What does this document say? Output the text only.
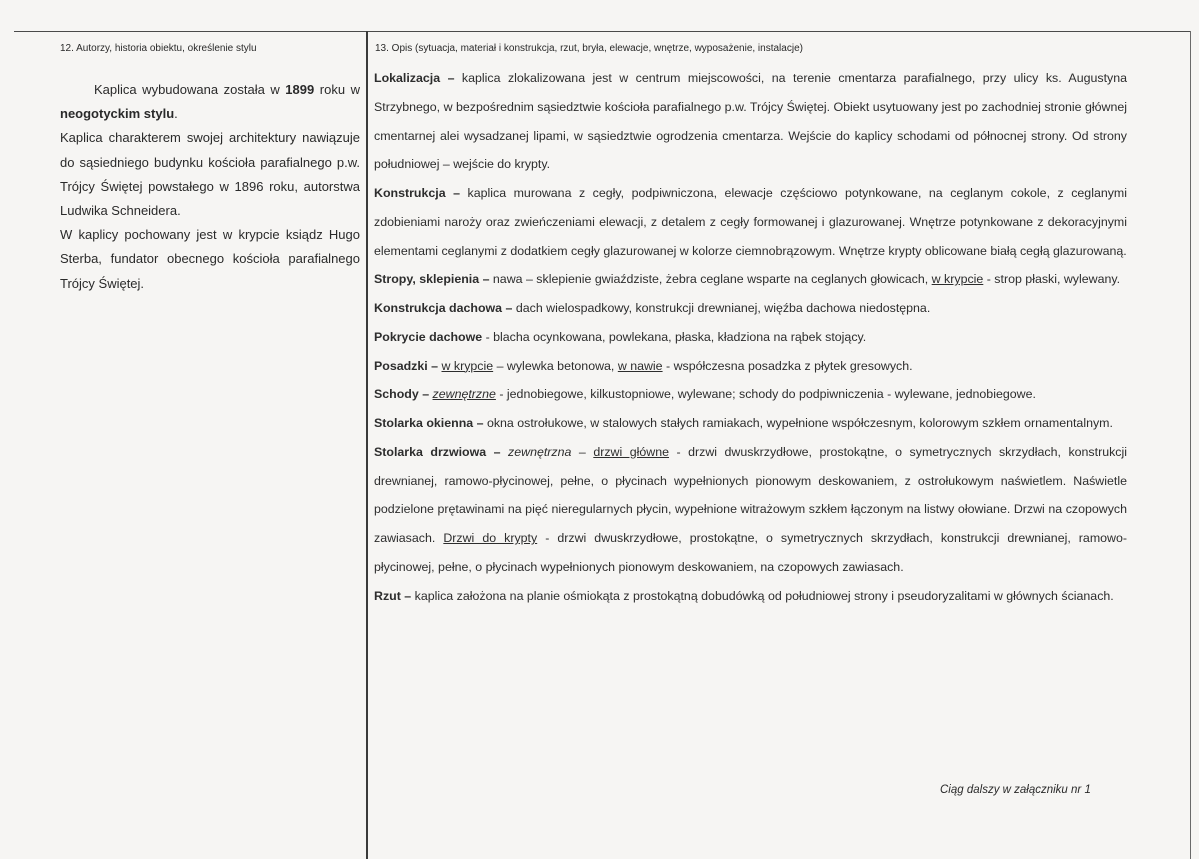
12. Autorzy, historia obiektu, określenie stylu

Kaplica wybudowana została w 1899 roku w neogotyckim stylu.

Kaplica charakterem swojej architektury nawiązuje do sąsiedniego budynku kościoła parafialnego p.w. Trójcy Świętej powstałego w 1896 roku, autorstwa Ludwika Schneidera.

W kaplicy pochowany jest w krypcie ksiądz Hugo Sterba, fundator obecnego kościoła parafialnego Trójcy Świętej.

13. Opis (sytuacja, materiał i konstrukcja, rzut, bryła, elewacje, wnętrze, wyposażenie, instalacje)

Lokalizacja – kaplica zlokalizowana jest w centrum miejscowości, na terenie cmentarza parafialnego, przy ulicy ks. Augustyna Strzybnego, w bezpośrednim sąsiedztwie kościoła parafialnego p.w. Trójcy Świętej. Obiekt usytuowany jest po zachodniej stronie głównej cmentarnej alei wysadzanej lipami, w sąsiedztwie ogrodzenia cmentarza. Wejście do kaplicy schodami od północnej strony. Od strony południowej – wejście do krypty.

Konstrukcja – kaplica murowana z cegły, podpiwniczona, elewacje częściowo potynkowane, na ceglanym cokole, z ceglanymi zdobieniami naroży oraz zwieńczeniami elewacji, z detalem z cegły formowanej i glazurowanej. Wnętrze potynkowane z dekoracyjnymi elementami ceglanymi z dodatkiem cegły glazurowanej w kolorze ciemnobrązowym. Wnętrze krypty oblicowane białą cegłą glazurowaną.

Stropy, sklepienia – nawa – sklepienie gwiaździste, żebra ceglane wsparte na ceglanych głowicach, w krypcie - strop płaski, wylewany.

Konstrukcja dachowa – dach wielospadkowy, konstrukcji drewnianej, więźba dachowa niedostępna.

Pokrycie dachowe - blacha ocynkowana, powlekana, płaska, kładziona na rąbek stojący.

Posadzki – w krypcie – wylewka betonowa, w nawie - współczesna posadzka z płytek gresowych.

Schody – zewnętrzne - jednobiegowe, kilkustopniowe, wylewane; schody do podpiwniczenia - wylewane, jednobiegowe.

Stolarka okienna – okna ostrołukowe, w stalowych stałych ramiakach, wypełnione współczesnym, kolorowym szkłem ornamentalnym.

Stolarka drzwiowa – zewnętrzna – drzwi główne - drzwi dwuskrzydłowe, prostokątne, o symetrycznych skrzydłach, konstrukcji drewnianej, ramowo-płycinowej, pełne, o płycinach wypełnionych pionowym deskowaniem, z ostrołukowym naświetlem. Naświetle podzielone prętawinami na pięć nieregularnych płycin, wypełnione witrażowym szkłem łączonym na listwy ołowiane. Drzwi na czopowych zawiasach. Drzwi do krypty - drzwi dwuskrzydłowe, prostokątne, o symetrycznych skrzydłach, konstrukcji drewnianej, ramowo-płycinowej, pełne, o płycinach wypełnionych pionowym deskowaniem, na czopowych zawiasach.

Rzut – kaplica założona na planie ośmiokąta z prostokątną dobudówką od południowej strony i pseudoryzalitami w głównych ścianach.

Ciąg dalszy w załączniku nr 1
